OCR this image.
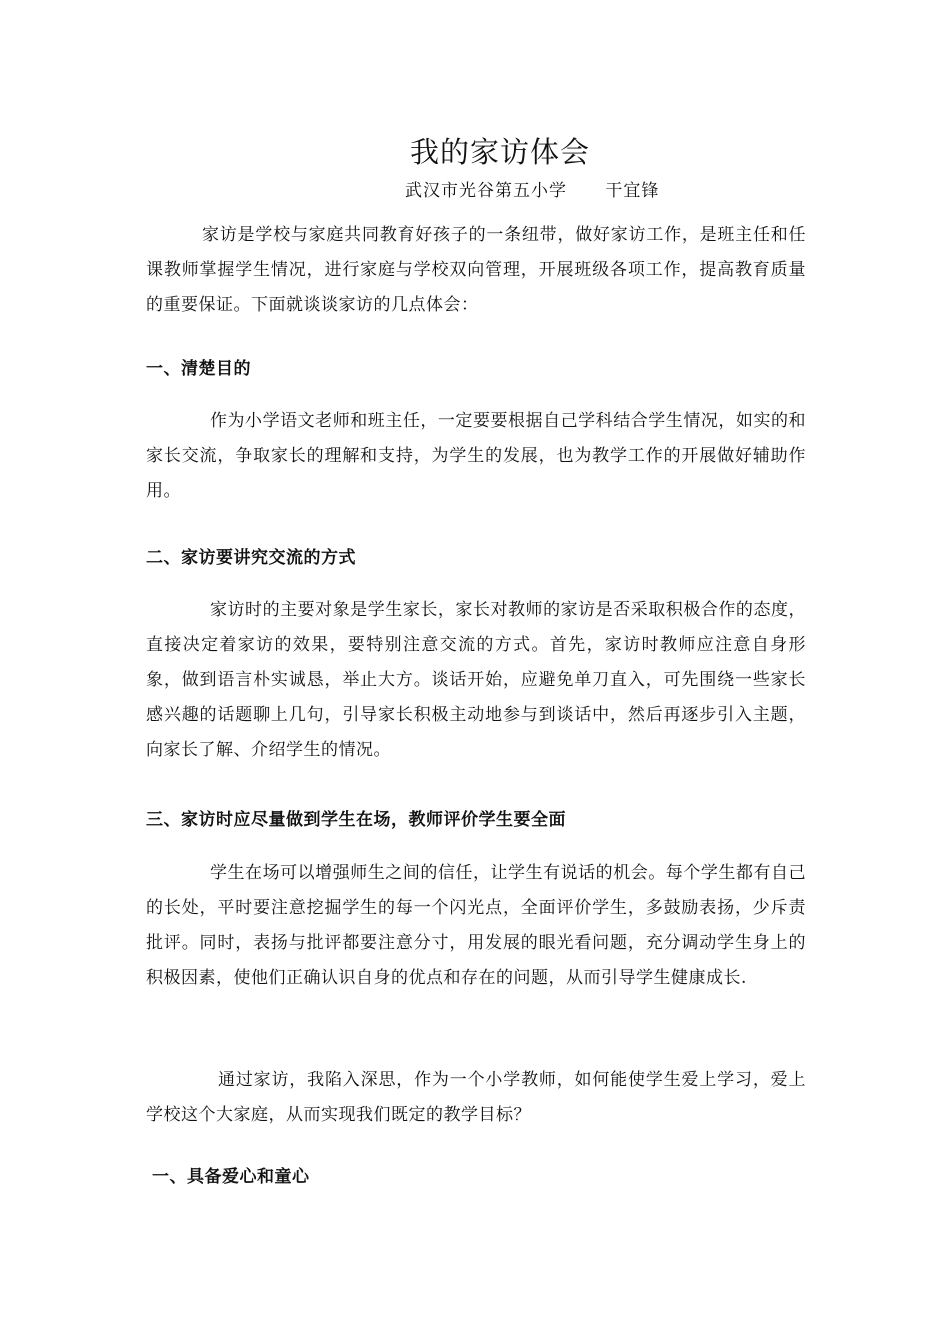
我的家访体会
武汉市光谷第五小学      干宜锋
家访是学校与家庭共同教育好孩子的一条纽带，做好家访工作，是班主任和任课教师掌握学生情况，进行家庭与学校双向管理，开展班级各项工作，提高教育质量的重要保证。下面就谈谈家访的几点体会：
一、清楚目的
作为小学语文老师和班主任，一定要要根据自己学科结合学生情况，如实的和家长交流，争取家长的理解和支持，为学生的发展，也为教学工作的开展做好辅助作用。
二、家访要讲究交流的方式
家访时的主要对象是学生家长，家长对教师的家访是否采取积极合作的态度，直接决定着家访的效果，要特别注意交流的方式。首先，家访时教师应注意自身形象，做到语言朴实诚恳，举止大方。谈话开始，应避免单刀直入，可先围绕一些家长感兴趣的话题聊上几句，引导家长积极主动地参与到谈话中，然后再逐步引入主题，向家长了解、介绍学生的情况。
三、家访时应尽量做到学生在场，教师评价学生要全面
学生在场可以增强师生之间的信任，让学生有说话的机会。每个学生都有自己的长处，平时要注意挖掘学生的每一个闪光点，全面评价学生，多鼓励表扬，少斥责批评。同时，表扬与批评都要注意分寸，用发展的眼光看问题，充分调动学生身上的积极因素，使他们正确认识自身的优点和存在的问题，从而引导学生健康成长.
通过家访，我陷入深思，作为一个小学教师，如何能使学生爱上学习，爱上学校这个大家庭，从而实现我们既定的教学目标？
一、具备爱心和童心
